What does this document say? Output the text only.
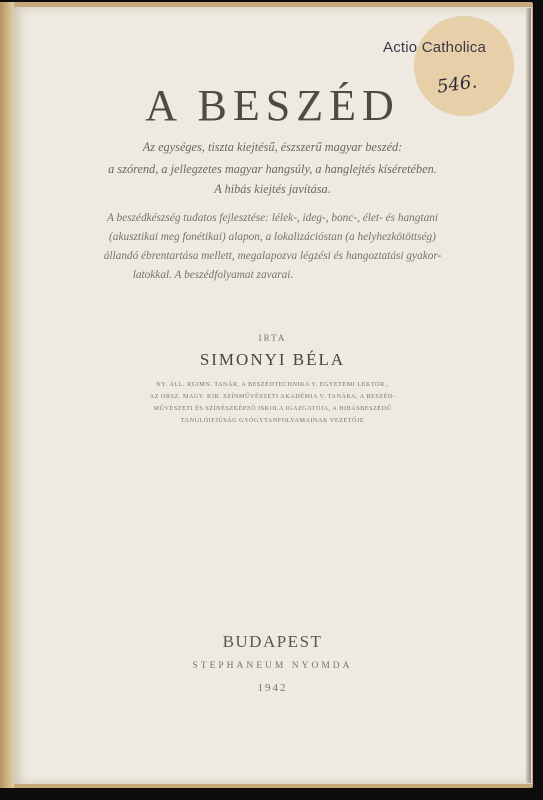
Actio Catholica
546.
A BESZÉD
Az egységes, tiszta kiejtésű, észszerű magyar beszéd:
a szórend, a jellegzetes magyar hangsúly, a hanglejtés kíséretében.
A hibás kiejtés javítása.
A beszédkészség tudatos fejlesztése: lélek-, ideg-, bonc-, élet- és hangtani
(akusztikai meg fonétikai) alapon, a lokalizációstan (a helyhezkötöttség)
állandó ébrentartása mellett, megalapozva légzési és hangoztatási gyakor-
latokkal. A beszédfolyamat zavarai.
IRTA
SIMONYI BÉLA
NY. ÁLL. RGIMN. TANÁR, A BESZÉDTECHNIKA Y. EGYETEMI LEKTOR.,
AZ ORSZ. MAGY. KIR. SZÍNMŰVÉSZETI AKADÉMIA V. TANÁRA, A BESZÉD-
MŰVÉSZETI ÉS SZÍNÉSZKÉPZŐ ISKOLA IGAZGATÓJA, A HIBÁSBESZÉDŰ
TANULÓIFJÚSÁG GYÓGYTANFOLYAMAINAK VEZETŐJE
BUDAPEST
STEPHANEUM NYOMDA
1942
